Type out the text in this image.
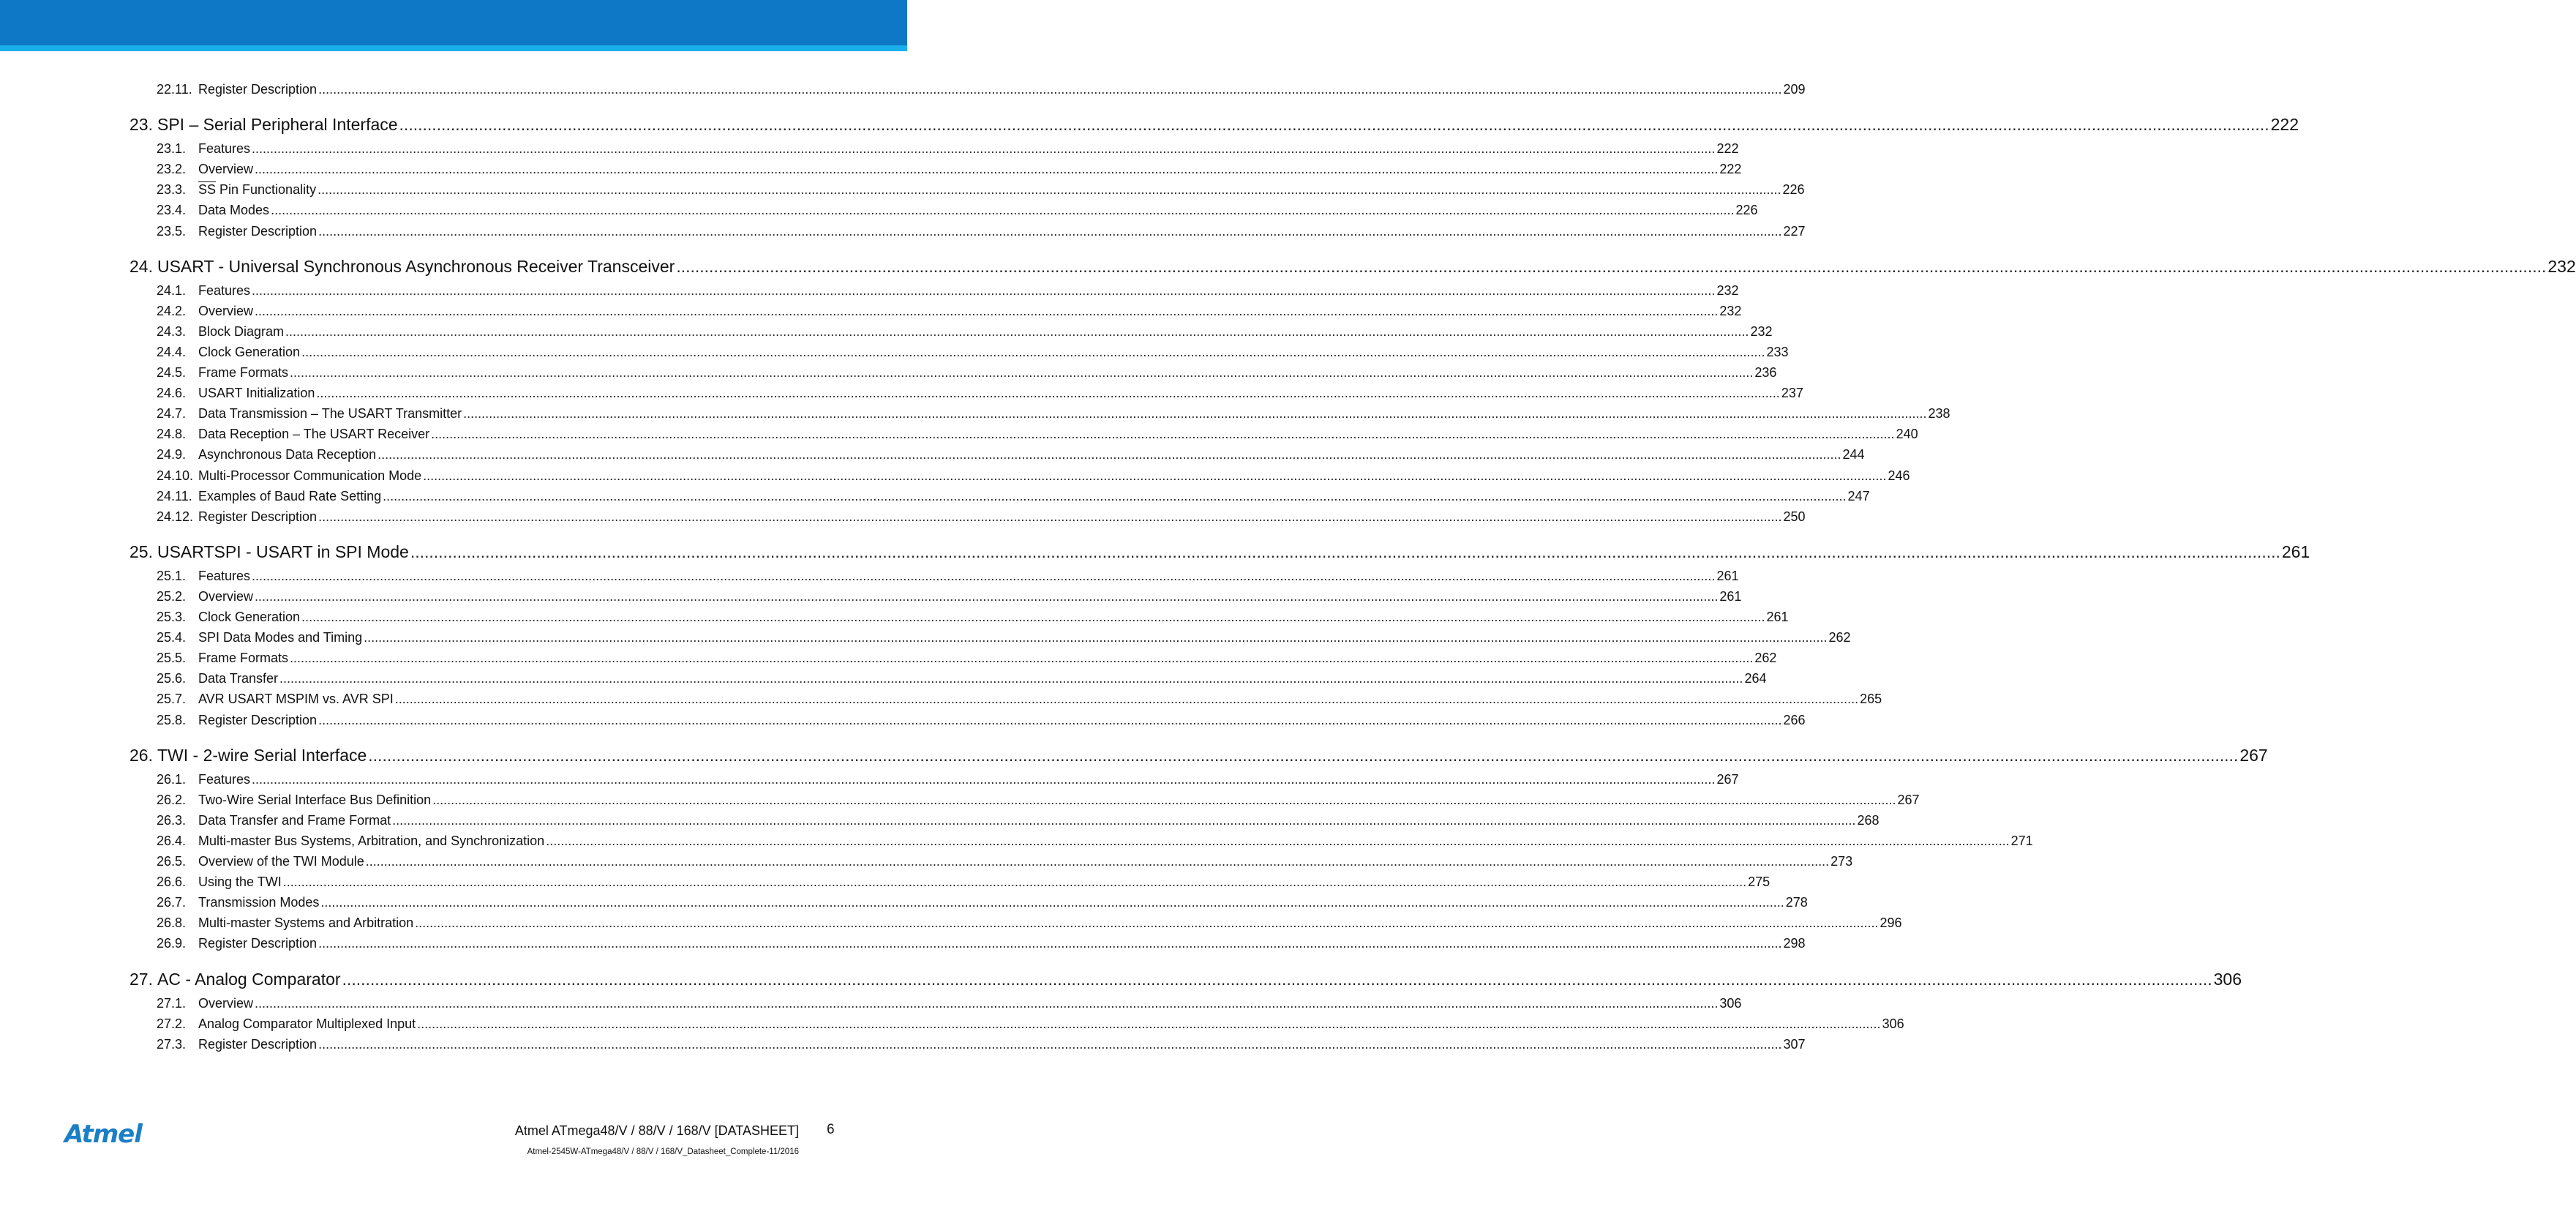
22.11. Register Description ................................................................................................................................................................................................................................................................................................................................................................................................................ 209
23. SPI – Serial Peripheral Interface ................................................................................................................................................................................................................................................................................................................................................................................................................ 222
23.1. Features ................................................................................................................................................................................................................................................................................................................................................................................................................ 222
23.2. Overview ................................................................................................................................................................................................................................................................................................................................................................................................................ 222
23.3. $\overline{SS}$ Pin Functionality ................................................................................................................................................................................................................................................................................................................................................................................................................ 226
23.4. Data Modes ................................................................................................................................................................................................................................................................................................................................................................................................................ 226
23.5. Register Description ................................................................................................................................................................................................................................................................................................................................................................................................................ 227
24. USART - Universal Synchronous Asynchronous Receiver Transceiver ................................................................................................................................................................................................................................................................................................................................................................................................................ 232
24.1. Features ................................................................................................................................................................................................................................................................................................................................................................................................................ 232
24.2. Overview ................................................................................................................................................................................................................................................................................................................................................................................................................ 232
24.3. Block Diagram ................................................................................................................................................................................................................................................................................................................................................................................................................ 232
24.4. Clock Generation ................................................................................................................................................................................................................................................................................................................................................................................................................ 233
24.5. Frame Formats ................................................................................................................................................................................................................................................................................................................................................................................................................ 236
24.6. USART Initialization ................................................................................................................................................................................................................................................................................................................................................................................................................ 237
24.7. Data Transmission – The USART Transmitter ................................................................................................................................................................................................................................................................................................................................................................................................................ 238
24.8. Data Reception – The USART Receiver ................................................................................................................................................................................................................................................................................................................................................................................................................ 240
24.9. Asynchronous Data Reception ................................................................................................................................................................................................................................................................................................................................................................................................................ 244
24.10. Multi-Processor Communication Mode ................................................................................................................................................................................................................................................................................................................................................................................................................ 246
24.11. Examples of Baud Rate Setting ................................................................................................................................................................................................................................................................................................................................................................................................................ 247
24.12. Register Description ................................................................................................................................................................................................................................................................................................................................................................................................................ 250
25. USARTSPI - USART in SPI Mode ................................................................................................................................................................................................................................................................................................................................................................................................................ 261
25.1. Features ................................................................................................................................................................................................................................................................................................................................................................................................................ 261
25.2. Overview ................................................................................................................................................................................................................................................................................................................................................................................................................ 261
25.3. Clock Generation ................................................................................................................................................................................................................................................................................................................................................................................................................ 261
25.4. SPI Data Modes and Timing ................................................................................................................................................................................................................................................................................................................................................................................................................ 262
25.5. Frame Formats ................................................................................................................................................................................................................................................................................................................................................................................................................ 262
25.6. Data Transfer ................................................................................................................................................................................................................................................................................................................................................................................................................ 264
25.7. AVR USART MSPIM vs. AVR SPI ................................................................................................................................................................................................................................................................................................................................................................................................................ 265
25.8. Register Description ................................................................................................................................................................................................................................................................................................................................................................................................................ 266
26. TWI - 2-wire Serial Interface ................................................................................................................................................................................................................................................................................................................................................................................................................ 267
26.1. Features ................................................................................................................................................................................................................................................................................................................................................................................................................ 267
26.2. Two-Wire Serial Interface Bus Definition ................................................................................................................................................................................................................................................................................................................................................................................................................ 267
26.3. Data Transfer and Frame Format ................................................................................................................................................................................................................................................................................................................................................................................................................ 268
26.4. Multi-master Bus Systems, Arbitration, and Synchronization ................................................................................................................................................................................................................................................................................................................................................................................................................ 271
26.5. Overview of the TWI Module ................................................................................................................................................................................................................................................................................................................................................................................................................ 273
26.6. Using the TWI ................................................................................................................................................................................................................................................................................................................................................................................................................ 275
26.7. Transmission Modes ................................................................................................................................................................................................................................................................................................................................................................................................................ 278
26.8. Multi-master Systems and Arbitration ................................................................................................................................................................................................................................................................................................................................................................................................................ 296
26.9. Register Description ................................................................................................................................................................................................................................................................................................................................................................................................................ 298
27. AC - Analog Comparator ................................................................................................................................................................................................................................................................................................................................................................................................................ 306
27.1. Overview ................................................................................................................................................................................................................................................................................................................................................................................................................ 306
27.2. Analog Comparator Multiplexed Input ................................................................................................................................................................................................................................................................................................................................................................................................................ 306
27.3. Register Description ................................................................................................................................................................................................................................................................................................................................................................................................................ 307
Atmel	Atmel ATmega48/V / 88/V / 168/V [DATASHEET] 6
Atmel-2545W-ATmega48/V / 88/V / 168/V_Datasheet_Complete-11/2016
